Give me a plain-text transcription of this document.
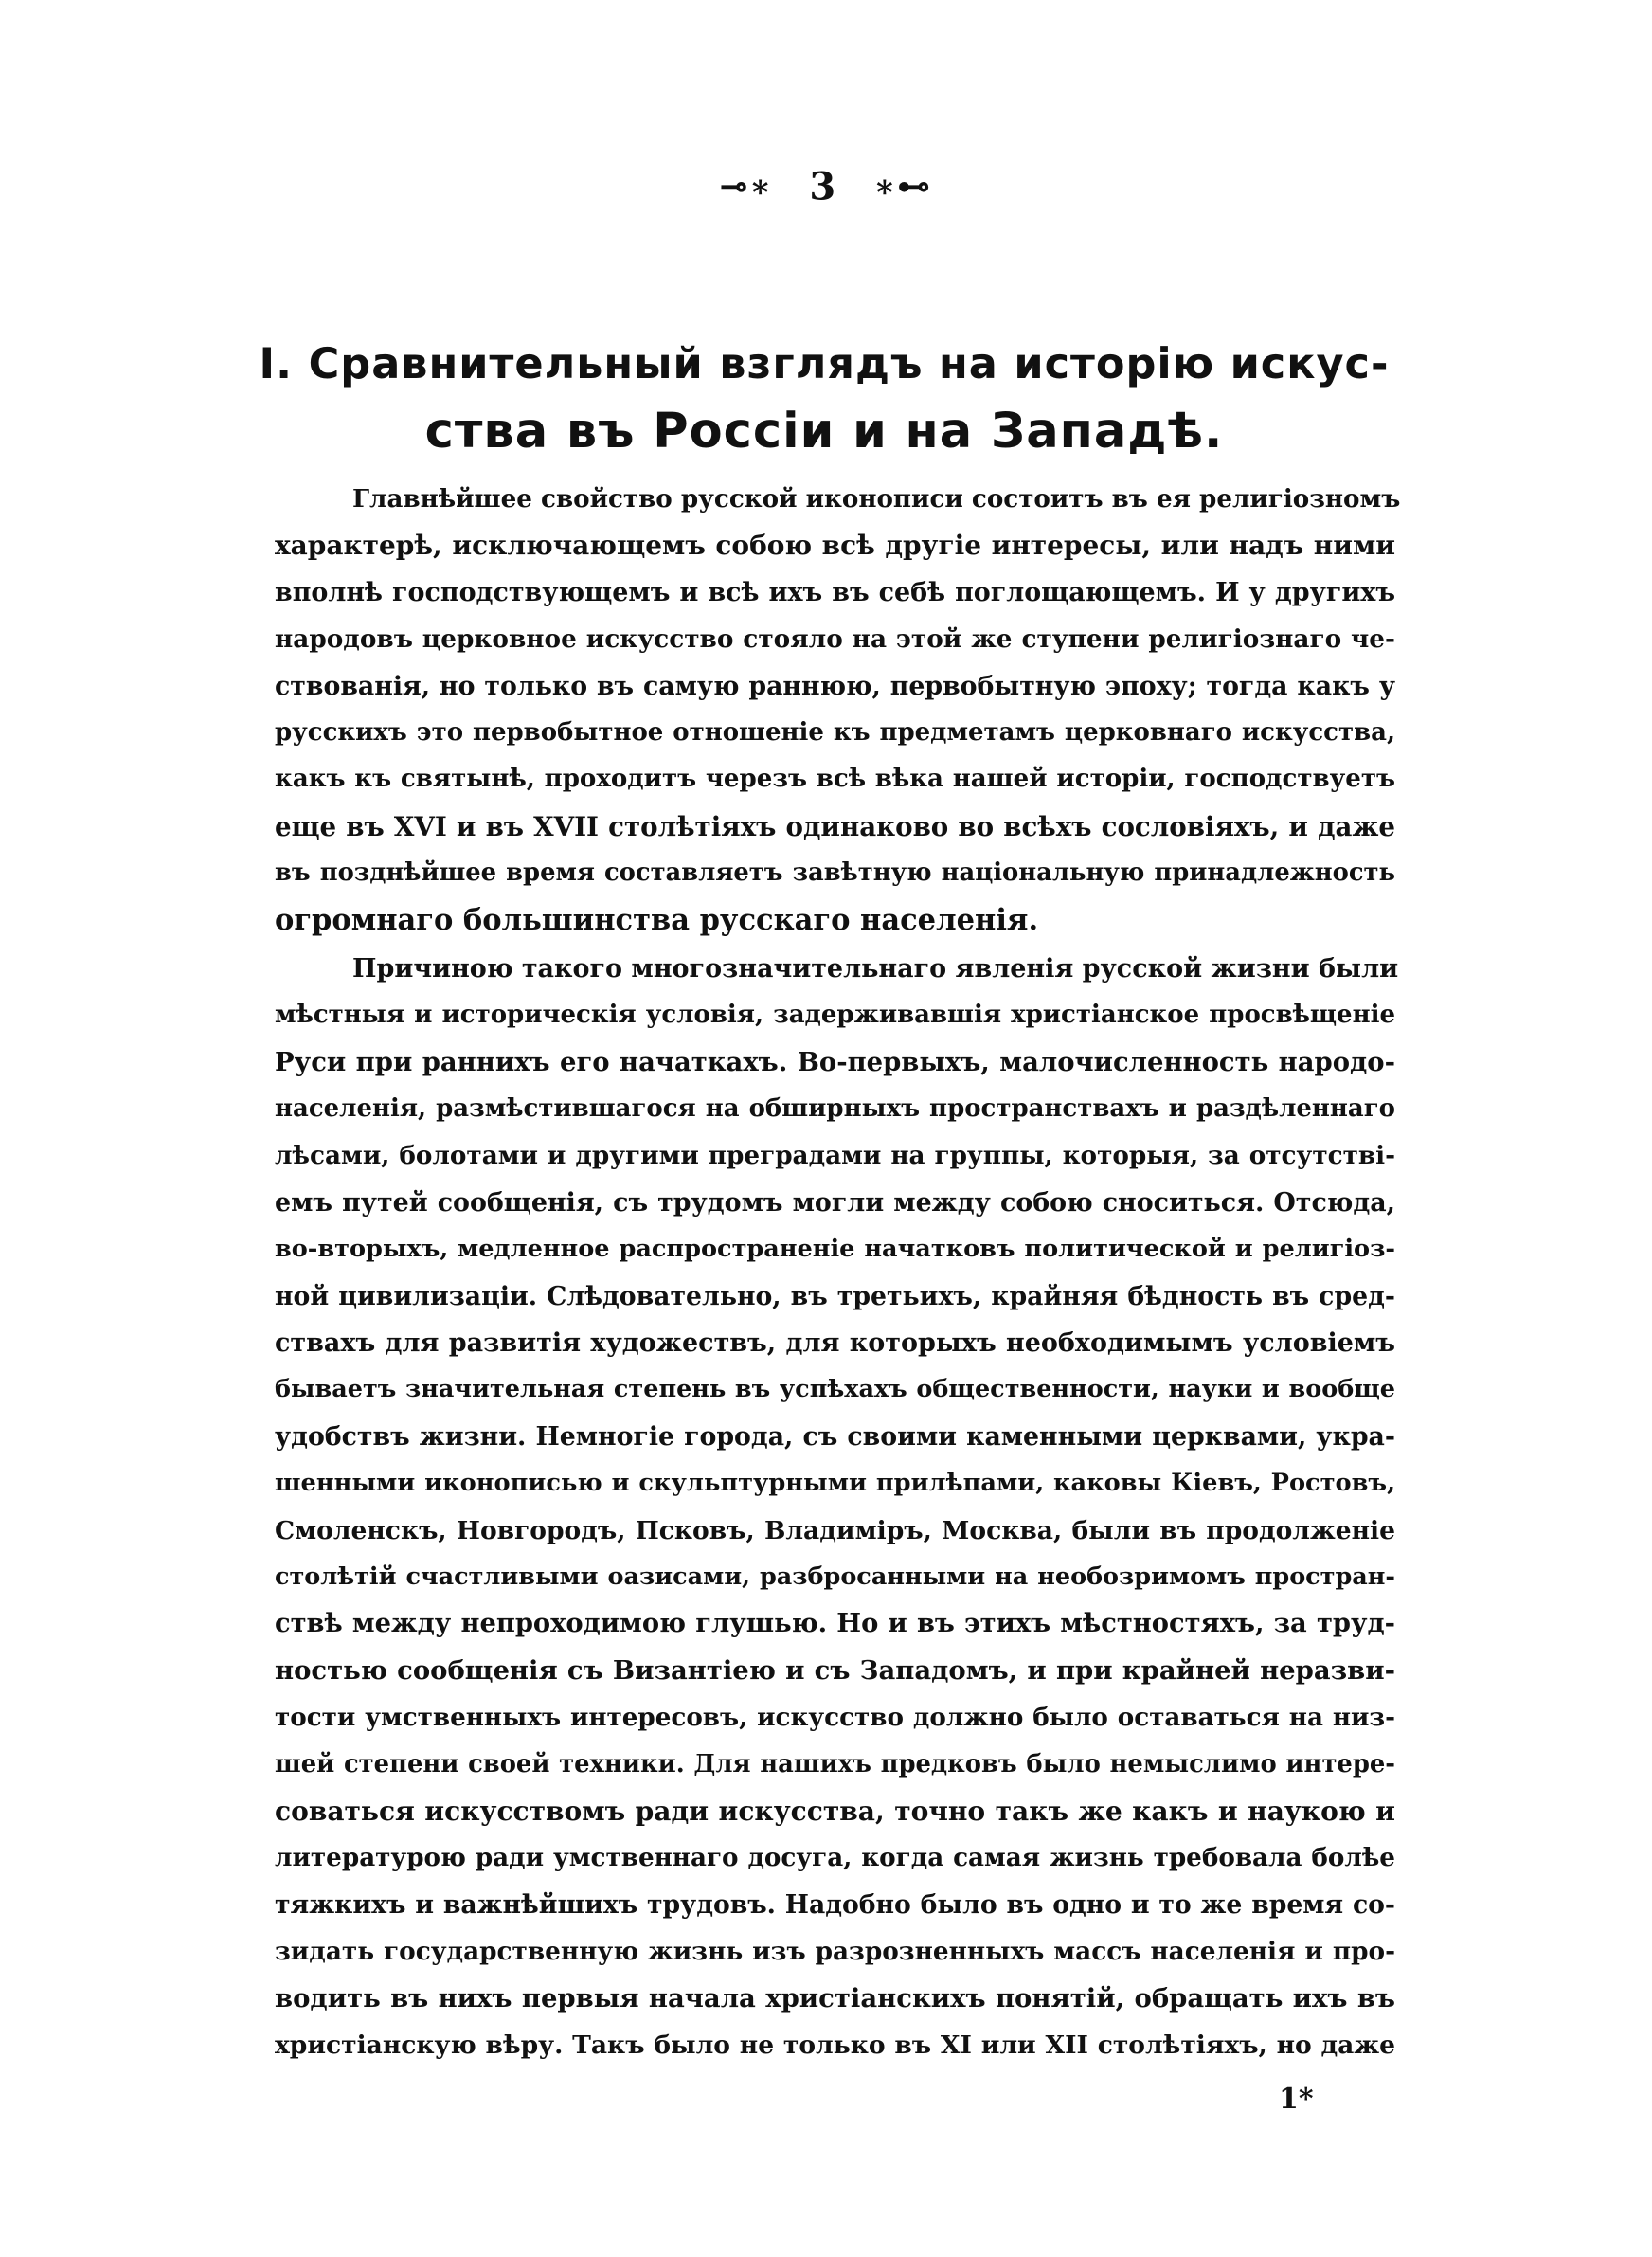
⊸∗ 3 ∗⊷
I. Сравнительный взглядъ на исторію искус-
ства въ Россіи и на Западѣ.
Главнѣйшее свойство русской иконописи состоитъ въ ея религіозномъ
характерѣ, исключающемъ собою всѣ другіе интересы, или надъ ними
вполнѣ господствующемъ и всѣ ихъ въ себѣ поглощающемъ. И у другихъ
народовъ церковное искусство стояло на этой же ступени религіознаго че-
ствованія, но только въ самую раннюю, первобытную эпоху; тогда какъ у
русскихъ это первобытное отношеніе къ предметамъ церковнаго искусства,
какъ къ святынѣ, проходитъ черезъ всѣ вѣка нашей исторіи, господствуетъ
еще въ XVI и въ XVII столѣтіяхъ одинаково во всѣхъ сословіяхъ, и даже
въ позднѣйшее время составляетъ завѣтную національную принадлежность
огромнаго большинства русскаго населенія.
Причиною такого многозначительнаго явленія русской жизни были
мѣстныя и историческія условія, задерживавшія христіанское просвѣщеніе
Руси при раннихъ его начаткахъ. Во-первыхъ, малочисленность народо-
населенія, размѣстившагося на обширныхъ пространствахъ и раздѣленнаго
лѣсами, болотами и другими преградами на группы, которыя, за отсутстві-
емъ путей сообщенія, съ трудомъ могли между собою сноситься. Отсюда,
во-вторыхъ, медленное распространеніе начатковъ политической и религіоз-
ной цивилизаціи. Слѣдовательно, въ третьихъ, крайняя бѣдность въ сред-
ствахъ для развитія художествъ, для которыхъ необходимымъ условіемъ
бываетъ значительная степень въ успѣхахъ общественности, науки и вообще
удобствъ жизни. Немногіе города, съ своими каменными церквами, укра-
шенными иконописью и скульптурными прилѣпами, каковы Кіевъ, Ростовъ,
Смоленскъ, Новгородъ, Псковъ, Владиміръ, Москва, были въ продолженіе
столѣтій счастливыми оазисами, разбросанными на необозримомъ простран-
ствѣ между непроходимою глушью. Но и въ этихъ мѣстностяхъ, за труд-
ностью сообщенія съ Византіею и съ Западомъ, и при крайней неразви-
тости умственныхъ интересовъ, искусство должно было оставаться на низ-
шей степени своей техники. Для нашихъ предковъ было немыслимо интере-
соваться искусствомъ ради искусства, точно такъ же какъ и наукою и
литературою ради умственнаго досуга, когда самая жизнь требовала болѣе
тяжкихъ и важнѣйшихъ трудовъ. Надобно было въ одно и то же время со-
зидать государственную жизнь изъ разрозненныхъ массъ населенія и про-
водить въ нихъ первыя начала христіанскихъ понятій, обращать ихъ въ
христіанскую вѣру. Такъ было не только въ XI или XII столѣтіяхъ, но даже
1*
